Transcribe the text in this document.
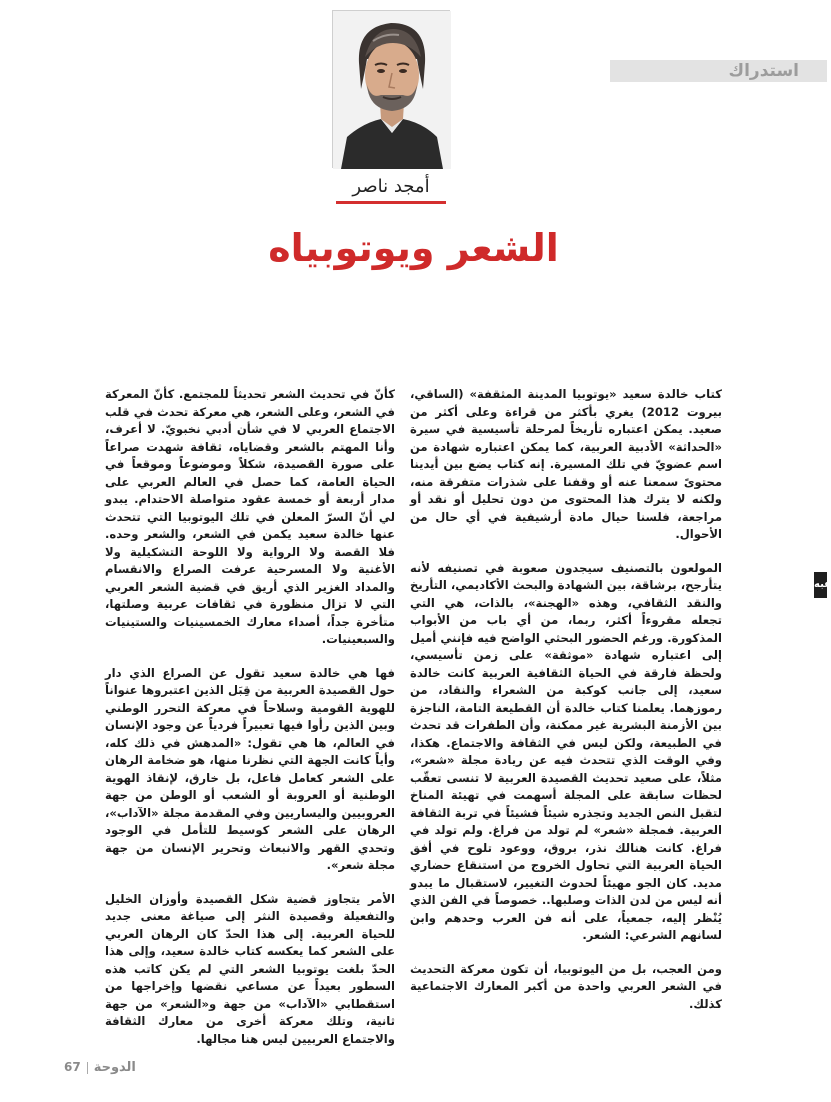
استدراك
عبه
أمجد ناصر
الشعر ويوتوبياه

كتاب خالدة سعيد «يوتوبيا المدينة المثقفة» (الساقي، بيروت 2012) يغري بأكثر من قراءة وعلى أكثر من صعيد. يمكن اعتباره تأريخاً لمرحلة تأسيسية في سيرة «الحداثة» الأدبية العربية، كما يمكن اعتباره شهادة من اسم عضويّ في تلك المسيرة. إنه كتاب يضع بين أيدينا محتوىً سمعنا عنه أو وقفنا على شذرات متفرقة منه، ولكنه لا يترك هذا المحتوى من دون تحليل أو نقد أو مراجعة، فلسنا حيال مادة أرشيفية في أي حال من الأحوال.

المولعون بالتصنيف سيجدون صعوبة في تصنيفه لأنه يتأرجح، برشاقة، بين الشهادة والبحث الأكاديمي، التأريخ والنقد الثقافي، وهذه «الهجنة»، بالذات، هي التي تجعله مقروءاً أكثر، ربما، من أي باب من الأبواب المذكورة. ورغم الحضور البحثي الواضح فيه فإنني أميل إلى اعتباره شهادة «موثقة» على زمن تأسيسي، ولحظة فارقة في الحياة الثقافية العربية كانت خالدة سعيد، إلى جانب كوكبة من الشعراء والنقاد، من رموزهما. يعلمنا كتاب خالدة أن القطيعة التامة، الناجزة بين الأزمنة البشرية غير ممكنة، وأن الطفرات قد تحدث في الطبيعة، ولكن ليس في الثقافة والاجتماع. هكذا، وفي الوقت الذي تتحدث فيه عن ريادة مجلة «شعر»، مثلاً، على صعيد تحديث القصيدة العربية لا تنسى تعقّب لحظات سابقة على المجلة أسهمت في تهيئة المناخ لتقبل النص الجديد وتجذره شيئاً فشيئاً في تربة الثقافة العربية. فمجلة «شعر» لم تولد من فراغ. ولم تولد في فراغ. كانت هنالك نذر، بروق، ووعود تلوح في أفق الحياة العربية التي تحاول الخروج من استنقاع حضاري مديد. كان الجو مهيئاً لحدوث التغيير، لاستقبال ما يبدو أنه ليس من لدن الذات وصلبها.. خصوصاً في الفن الذي يُنْظر إليه، جمعياً، على أنه فن العرب وحدهم وابن لسانهم الشرعي: الشعر.

ومن العجب، بل من اليوتوبيا، أن تكون معركة التحديث في الشعر العربي واحدة من أكبر المعارك الاجتماعية كذلك.

كأنّ في تحديث الشعر تحديثاً للمجتمع. كأنّ المعركة في الشعر، وعلى الشعر، هي معركة تحدث في قلب الاجتماع العربي لا في شأن أدبي نخبويّ. لا أعرف، وأنا المهتم بالشعر وقضاياه، ثقافة شهدت صراعاً على صورة القصيدة، شكلاً وموضوعاً وموقعاً في الحياة العامة، كما حصل في العالم العربي على مدار أربعة أو خمسة عقود متواصلة الاحتدام. يبدو لي أنّ السرّ المعلن في تلك اليوتوبيا التي تتحدث عنها خالدة سعيد يكمن في الشعر، والشعر وحده. فلا القصة ولا الرواية ولا اللوحة التشكيلية ولا الأغنية ولا المسرحية عرفت الصراع والانقسام والمداد الغزير الذي أريق في قضية الشعر العربي التي لا تزال منظورة في ثقافات عربية وصلتها، متأخرة جداً، أصداء معارك الخمسينيات والستينيات والسبعينيات.

فها هي خالدة سعيد تقول عن الصراع الذي دار حول القصيدة العربية من قِبَل الذين اعتبروها عنواناً للهوية القومية وسلاحاً في معركة التحرر الوطني وبين الذين رأوا فيها تعبيراً فردياً عن وجود الإنسان في العالم، ها هي تقول: «المدهش في ذلك كله، وأياً كانت الجهة التي نظرنا منها، هو ضخامة الرهان على الشعر كعامل فاعل، بل خارق، لإنقاذ الهوية الوطنية أو العروبة أو الشعب أو الوطن من جهة العروبيين واليساريين وفي المقدمة مجلة «الآداب»، الرهان على الشعر كوسيط للتأمل في الوجود وتحدي القهر والانبعاث وتحرير الإنسان من جهة مجلة شعر».

الأمر يتجاوز قضية شكل القصيدة وأوزان الخليل والتفعيلة وقصيدة النثر إلى صياغة معنى جديد للحياة العربية. إلى هذا الحدّ كان الرهان العربي على الشعر كما يعكسه كتاب خالدة سعيد، وإلى هذا الحدّ بلغت يوتوبيا الشعر التي لم يكن كاتب هذه السطور بعيداً عن مساعي نقضها وإخراجها من استقطابي «الآداب» من جهة و«الشعر» من جهة ثانية، وتلك معركة أخرى من معارك الثقافة والاجتماع العربيين ليس هنا مجالها.

67 الدوحة
